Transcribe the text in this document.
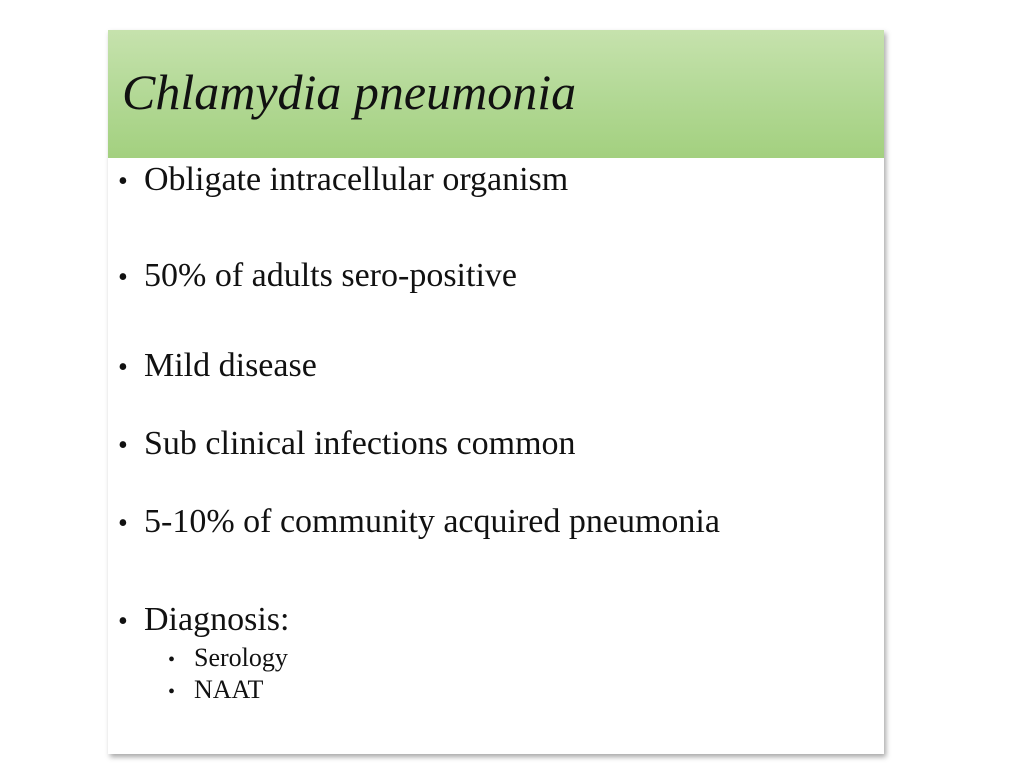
Chlamydia pneumonia
• Obligate intracellular organism
• 50% of adults sero-positive
• Mild disease
• Sub clinical infections common
• 5-10% of community acquired pneumonia
• Diagnosis:
• Serology
• NAAT
